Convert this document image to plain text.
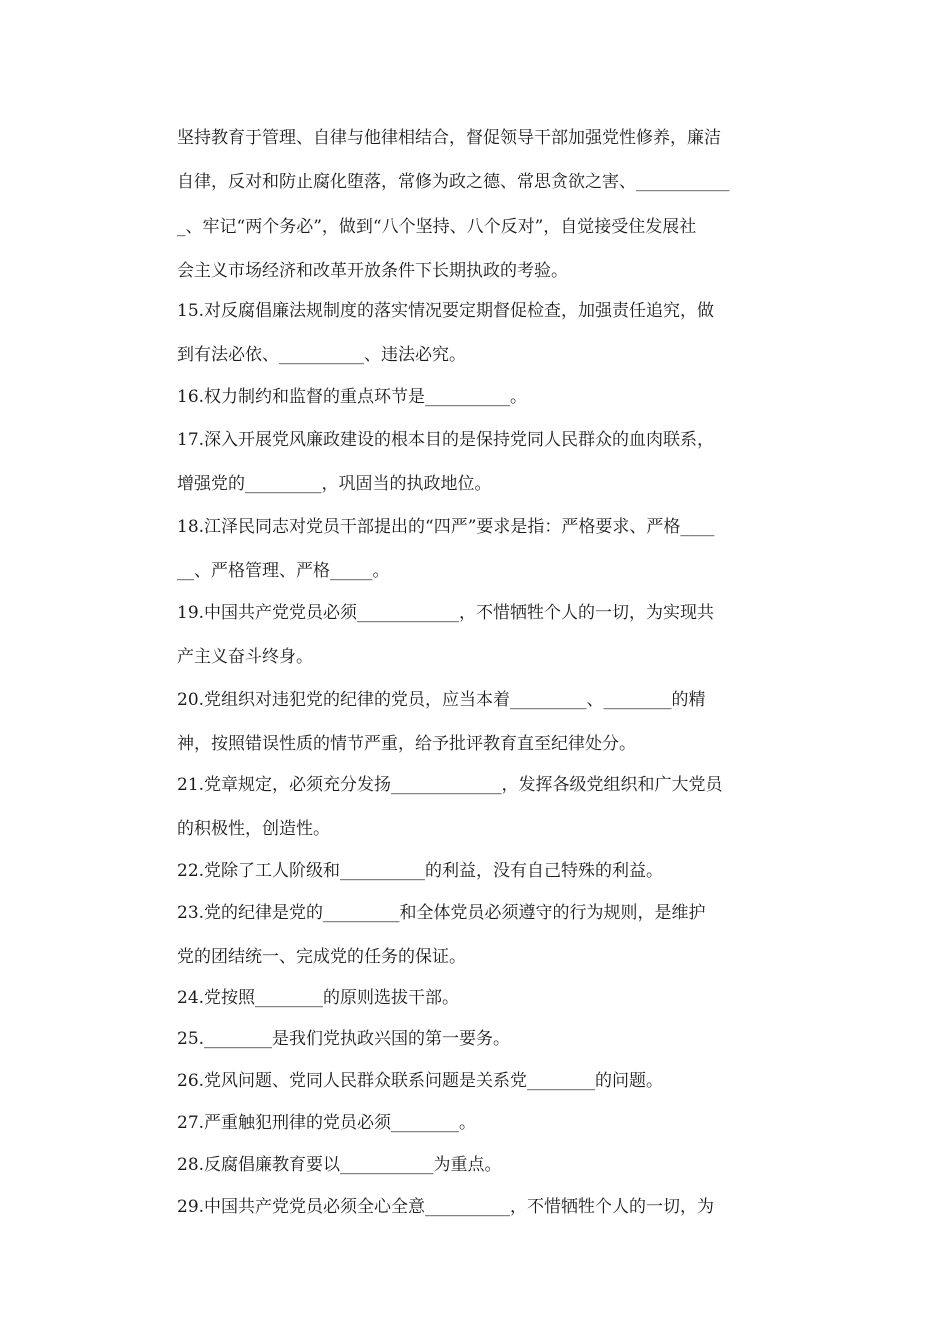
坚持教育于管理、自律与他律相结合，督促领导干部加强党性修养，廉洁
自律，反对和防止腐化堕落，常修为政之德、常思贪欲之害、___________
_、牢记“两个务必”，做到“八个坚持、八个反对”，自觉接受住发展社
会主义市场经济和改革开放条件下长期执政的考验。
15.对反腐倡廉法规制度的落实情况要定期督促检查，加强责任追究，做
到有法必依、__________、违法必究。
16.权力制约和监督的重点环节是__________。
17.深入开展党风廉政建设的根本目的是保持党同人民群众的血肉联系，
增强党的_________，巩固当的执政地位。
18.江泽民同志对党员干部提出的“四严”要求是指：严格要求、严格____
__、严格管理、严格_____。
19.中国共产党党员必须____________，不惜牺牲个人的一切，为实现共
产主义奋斗终身。
20.党组织对违犯党的纪律的党员，应当本着_________、________的精
神，按照错误性质的情节严重，给予批评教育直至纪律处分。
21.党章规定，必须充分发扬_____________，发挥各级党组织和广大党员
的积极性，创造性。
22.党除了工人阶级和__________的利益，没有自己特殊的利益。
23.党的纪律是党的_________和全体党员必须遵守的行为规则，是维护
党的团结统一、完成党的任务的保证。
24.党按照________的原则选拔干部。
25.________是我们党执政兴国的第一要务。
26.党风问题、党同人民群众联系问题是关系党________的问题。
27.严重触犯刑律的党员必须________。
28.反腐倡廉教育要以___________为重点。
29.中国共产党党员必须全心全意__________，不惜牺牲个人的一切，为
